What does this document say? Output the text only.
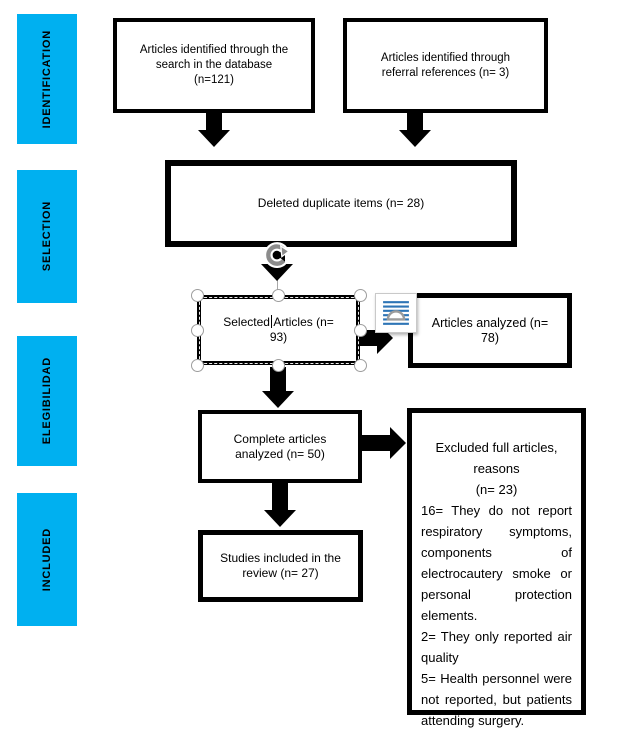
IDENTIFICATION
SELECTION
ELEGIBILIDAD
INCLUDED
Articles identified through the
search in the database
(n=121)
Articles identified through
referral references (n= 3)
Deleted duplicate items (n= 28)
Selected Articles (n=
93)
Articles analyzed (n=
78)
Complete articles
analyzed (n= 50)	Excluded full articles,
reasons
(n= 23)
16= They do not report respiratory symptoms, components of electrocautery smoke or personal protection elements.
2= They only reported air quality
5= Health personnel were not reported, but patients attending surgery.
Studies included in the
review (n= 27)
